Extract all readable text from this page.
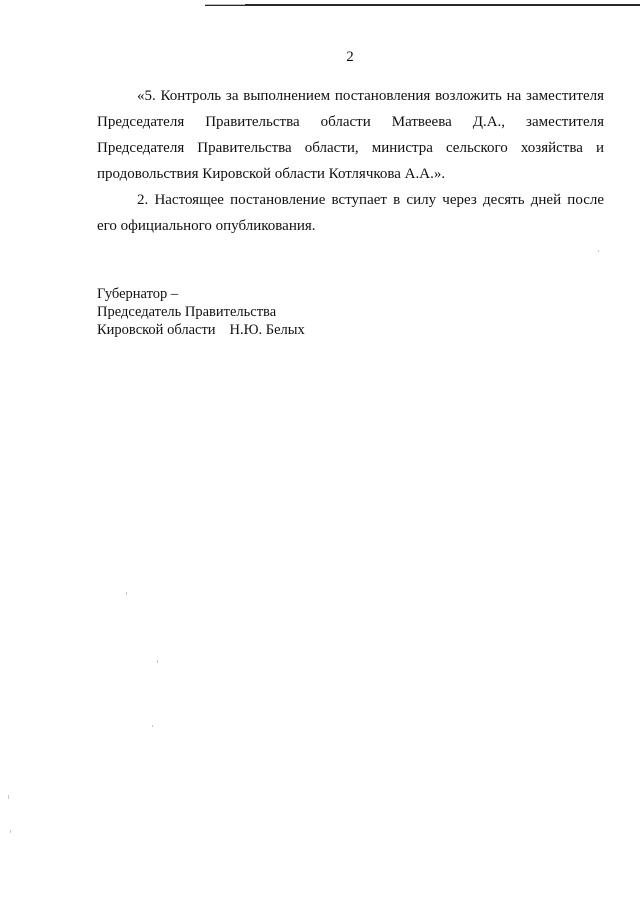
2

«5. Контроль за выполнением постановления возложить на заместителя Председателя Правительства области Матвеева Д.А., заместителя Председателя Правительства области, министра сельского хозяйства и продовольствия Кировской области Котлячкова А.А.».

2. Настоящее постановление вступает в силу через десять дней после его официального опубликования.

Губернатор –
Председатель Правительства
Кировской области Н.Ю. Белых
